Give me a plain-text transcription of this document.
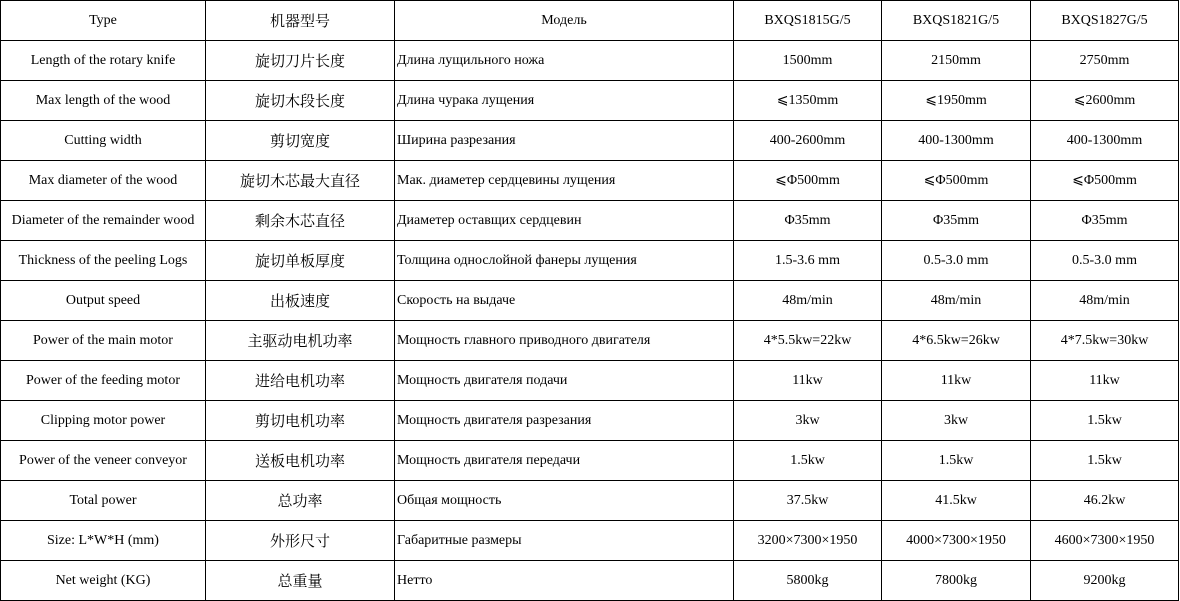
Type	机器型号	Модель	BXQS1815G/5	BXQS1821G/5	BXQS1827G/5
Length of the rotary knife	旋切刀片长度	Длина лущильного ножа	1500mm	2150mm	2750mm
Max length of the wood	旋切木段长度	Длина чурака лущения	⩽1350mm	⩽1950mm	⩽2600mm
Cutting width	剪切宽度	Ширина разрезания	400-2600mm	400-1300mm	400-1300mm
Max diameter of the wood	旋切木芯最大直径	Мак. диаметер сердцевины лущения	⩽Φ500mm	⩽Φ500mm	⩽Φ500mm
Diameter of the remainder wood	剩余木芯直径	Диаметер оставщих сердцевин	Φ35mm	Φ35mm	Φ35mm
Thickness of the peeling Logs	旋切单板厚度	Толщина однослойной фанеры лущения	1.5-3.6 mm	0.5-3.0 mm	0.5-3.0 mm
Output speed	出板速度	Скорость на выдаче	48m/min	48m/min	48m/min
Power of the main motor	主驱动电机功率	Мощность главного приводного двигателя	4*5.5kw=22kw	4*6.5kw=26kw	4*7.5kw=30kw
Power of the feeding motor	进给电机功率	Мощность двигателя подачи	11kw	11kw	11kw
Clipping motor power	剪切电机功率	Мощность двигателя разрезания	3kw	3kw	1.5kw
Power of the veneer conveyor	送板电机功率	Мощность двигателя передачи	1.5kw	1.5kw	1.5kw
Total power	总功率	Общая мощность	37.5kw	41.5kw	46.2kw
Size: L*W*H (mm)	外形尺寸	Габаритные размеры	3200×7300×1950	4000×7300×1950	4600×7300×1950
Net weight (KG)	总重量	Нетто	5800kg	7800kg	9200kg
